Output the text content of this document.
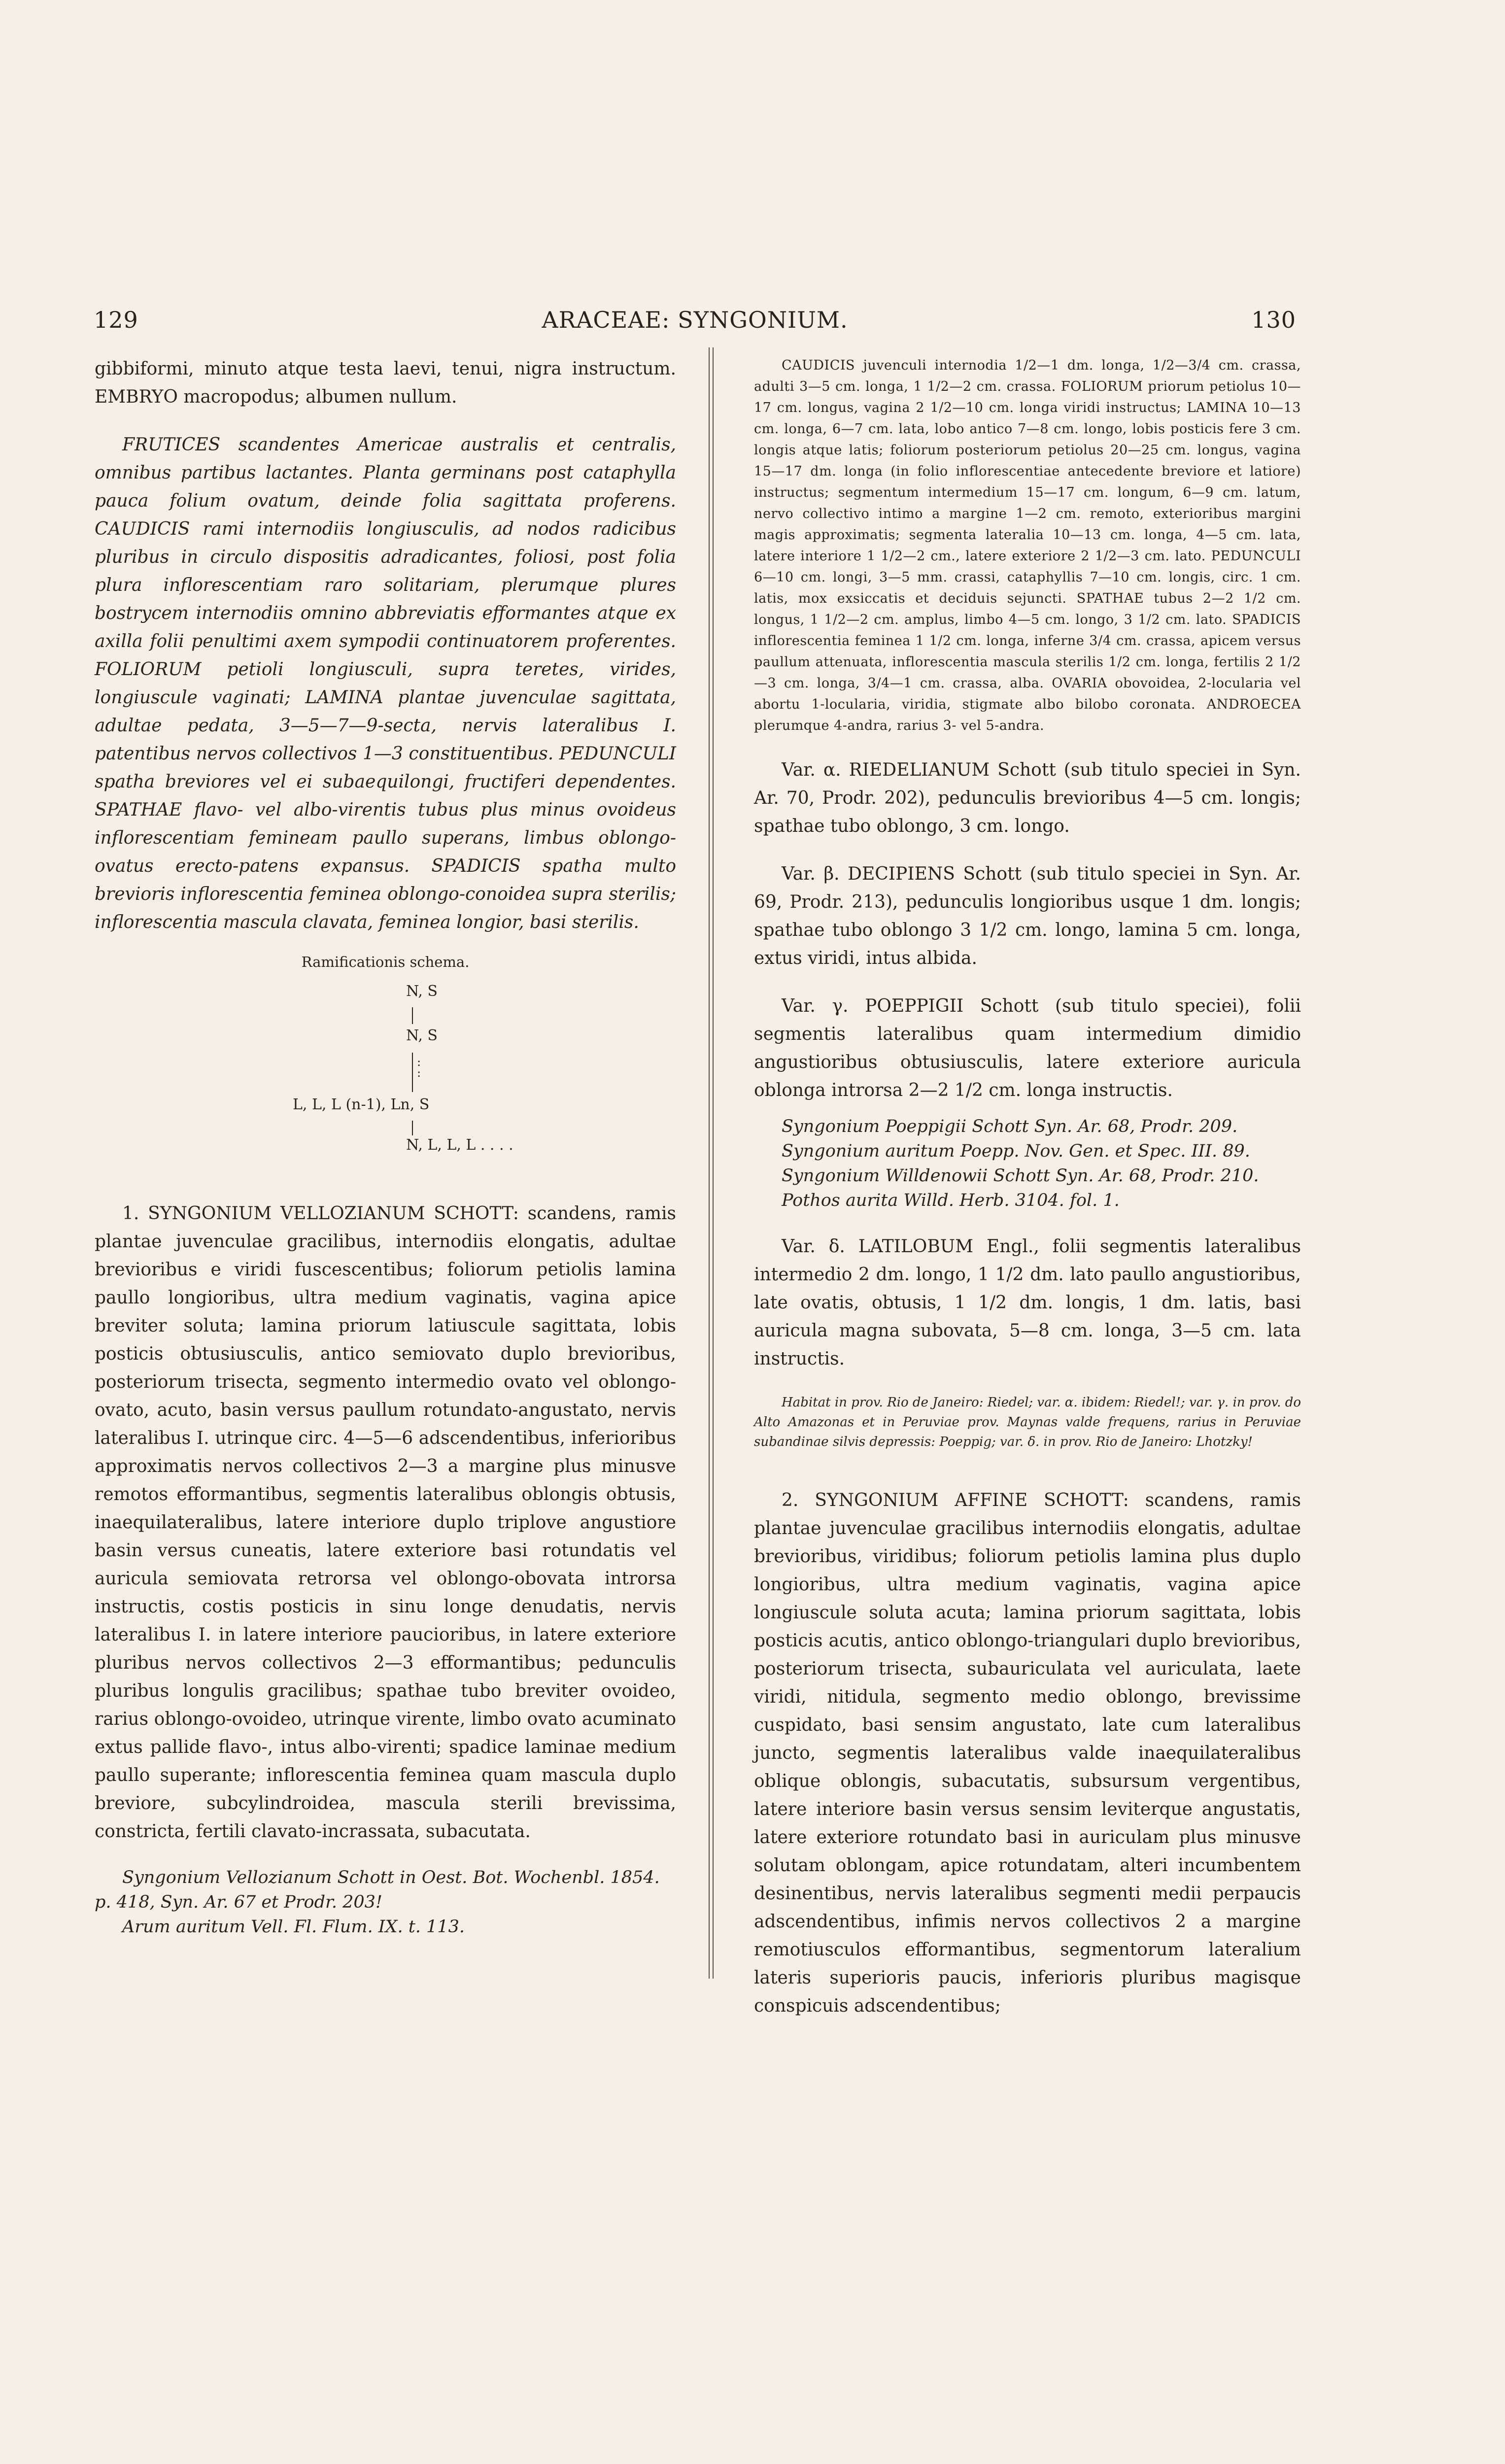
129	ARACEAE: SYNGONIUM.	130

gibbiformi, minuto atque testa laevi, tenui, nigra instructum. EMBRYO macropodus; albumen nullum.

FRUTICES scandentes Americae australis et centralis, omnibus partibus lactantes. Planta germinans post cataphylla pauca folium ovatum, deinde folia sagittata proferens. CAUDICIS rami internodiis longiusculis, ad nodos radicibus pluribus in circulo dispositis adradicantes, foliosi, post folia plura inflorescentiam raro solitariam, plerumque plures bostrycem internodiis omnino abbreviatis efformantes atque ex axilla folii penultimi axem sympodii continuatorem proferentes. FOLIORUM petioli longiusculi, supra teretes, virides, longiuscule vaginati; LAMINA plantae juvenculae sagittata, adultae pedata, 3—5—7—9-secta, nervis lateralibus I. patentibus nervos collectivos 1—3 constituentibus. PEDUNCULI spatha breviores vel ei subaequilongi, fructiferi dependentes. SPATHAE flavo- vel albo-virentis tubus plus minus ovoideus inflorescentiam femineam paullo superans, limbus oblongo-ovatus erecto-patens expansus. SPADICIS spatha multo brevioris inflorescentia feminea oblongo-conoidea supra sterilis; inflorescentia mascula clavata, feminea longior, basi sterilis.

Ramificationis schema.
N, S
N, S
:
:
L, L, L (n-1), Ln, S
N, L, L, L . . . .

1. SYNGONIUM VELLOZIANUM SCHOTT: scandens, ramis plantae juvenculae gracilibus, internodiis elongatis, adultae brevioribus e viridi fuscescentibus; foliorum petiolis lamina paullo longioribus, ultra medium vaginatis, vagina apice breviter soluta; lamina priorum latiuscule sagittata, lobis posticis obtusiusculis, antico semiovato duplo brevioribus, posteriorum trisecta, segmento intermedio ovato vel oblongo-ovato, acuto, basin versus paullum rotundato-angustato, nervis lateralibus I. utrinque circ. 4—5—6 adscendentibus, inferioribus approximatis nervos collectivos 2—3 a margine plus minusve remotos efformantibus, segmentis lateralibus oblongis obtusis, inaequilateralibus, latere interiore duplo triplove angustiore basin versus cuneatis, latere exteriore basi rotundatis vel auricula semiovata retrorsa vel oblongo-obovata introrsa instructis, costis posticis in sinu longe denudatis, nervis lateralibus I. in latere interiore paucioribus, in latere exteriore pluribus nervos collectivos 2—3 efformantibus; pedunculis pluribus longulis gracilibus; spathae tubo breviter ovoideo, rarius oblongo-ovoideo, utrinque virente, limbo ovato acuminato extus pallide flavo-, intus albo-virenti; spadice laminae medium paullo superante; inflorescentia feminea quam mascula duplo breviore, subcylindroidea, mascula sterili brevissima, constricta, fertili clavato-incrassata, subacutata.

Syngonium Vellozianum Schott in Oest. Bot. Wochenbl. 1854. p. 418, Syn. Ar. 67 et Prodr. 203!

Arum auritum Vell. Fl. Flum. IX. t. 113.

CAUDICIS juvenculi internodia 1/2—1 dm. longa, 1/2—3/4 cm. crassa, adulti 3—5 cm. longa, 1 1/2—2 cm. crassa. FOLIORUM priorum petiolus 10—17 cm. longus, vagina 2 1/2—10 cm. longa viridi instructus; LAMINA 10—13 cm. longa, 6—7 cm. lata, lobo antico 7—8 cm. longo, lobis posticis fere 3 cm. longis atque latis; foliorum posteriorum petiolus 20—25 cm. longus, vagina 15—17 dm. longa (in folio inflorescentiae antecedente breviore et latiore) instructus; segmentum intermedium 15—17 cm. longum, 6—9 cm. latum, nervo collectivo intimo a margine 1—2 cm. remoto, exterioribus margini magis approximatis; segmenta lateralia 10—13 cm. longa, 4—5 cm. lata, latere interiore 1 1/2—2 cm., latere exteriore 2 1/2—3 cm. lato. PEDUNCULI 6—10 cm. longi, 3—5 mm. crassi, cataphyllis 7—10 cm. longis, circ. 1 cm. latis, mox exsiccatis et deciduis sejuncti. SPATHAE tubus 2—2 1/2 cm. longus, 1 1/2—2 cm. amplus, limbo 4—5 cm. longo, 3 1/2 cm. lato. SPADICIS inflorescentia feminea 1 1/2 cm. longa, inferne 3/4 cm. crassa, apicem versus paullum attenuata, inflorescentia mascula sterilis 1/2 cm. longa, fertilis 2 1/2—3 cm. longa, 3/4—1 cm. crassa, alba. OVARIA obovoidea, 2-locularia vel abortu 1-locularia, viridia, stigmate albo bilobo coronata. ANDROECEA plerumque 4-andra, rarius 3- vel 5-andra.

Var. α. RIEDELIANUM Schott (sub titulo speciei in Syn. Ar. 70, Prodr. 202), pedunculis brevioribus 4—5 cm. longis; spathae tubo oblongo, 3 cm. longo.

Var. β. DECIPIENS Schott (sub titulo speciei in Syn. Ar. 69, Prodr. 213), pedunculis longioribus usque 1 dm. longis; spathae tubo oblongo 3 1/2 cm. longo, lamina 5 cm. longa, extus viridi, intus albida.

Var. γ. POEPPIGII Schott (sub titulo speciei), folii segmentis lateralibus quam intermedium dimidio angustioribus obtusiusculis, latere exteriore auricula oblonga introrsa 2—2 1/2 cm. longa instructis.

Syngonium Poeppigii Schott Syn. Ar. 68, Prodr. 209.

Syngonium auritum Poepp. Nov. Gen. et Spec. III. 89.

Syngonium Willdenowii Schott Syn. Ar. 68, Prodr. 210.

Pothos aurita Willd. Herb. 3104. fol. 1.

Var. δ. LATILOBUM Engl., folii segmentis lateralibus intermedio 2 dm. longo, 1 1/2 dm. lato paullo angustioribus, late ovatis, obtusis, 1 1/2 dm. longis, 1 dm. latis, basi auricula magna subovata, 5—8 cm. longa, 3—5 cm. lata instructis.

Habitat in prov. Rio de Janeiro: Riedel; var. α. ibidem: Riedel!; var. γ. in prov. do Alto Amazonas et in Peruviae prov. Maynas valde frequens, rarius in Peruviae subandinae silvis depressis: Poeppig; var. δ. in prov. Rio de Janeiro: Lhotzky!

2. SYNGONIUM AFFINE SCHOTT: scandens, ramis plantae juvenculae gracilibus internodiis elongatis, adultae brevioribus, viridibus; foliorum petiolis lamina plus duplo longioribus, ultra medium vaginatis, vagina apice longiuscule soluta acuta; lamina priorum sagittata, lobis posticis acutis, antico oblongo-triangulari duplo brevioribus, posteriorum trisecta, subauriculata vel auriculata, laete viridi, nitidula, segmento medio oblongo, brevissime cuspidato, basi sensim angustato, late cum lateralibus juncto, segmentis lateralibus valde inaequilateralibus oblique oblongis, subacutatis, subsursum vergentibus, latere interiore basin versus sensim leviterque angustatis, latere exteriore rotundato basi in auriculam plus minusve solutam oblongam, apice rotundatam, alteri incumbentem desinentibus, nervis lateralibus segmenti medii perpaucis adscendentibus, infimis nervos collectivos 2 a margine remotiusculos efformantibus, segmentorum lateralium lateris superioris paucis, inferioris pluribus magisque conspicuis adscendentibus;
